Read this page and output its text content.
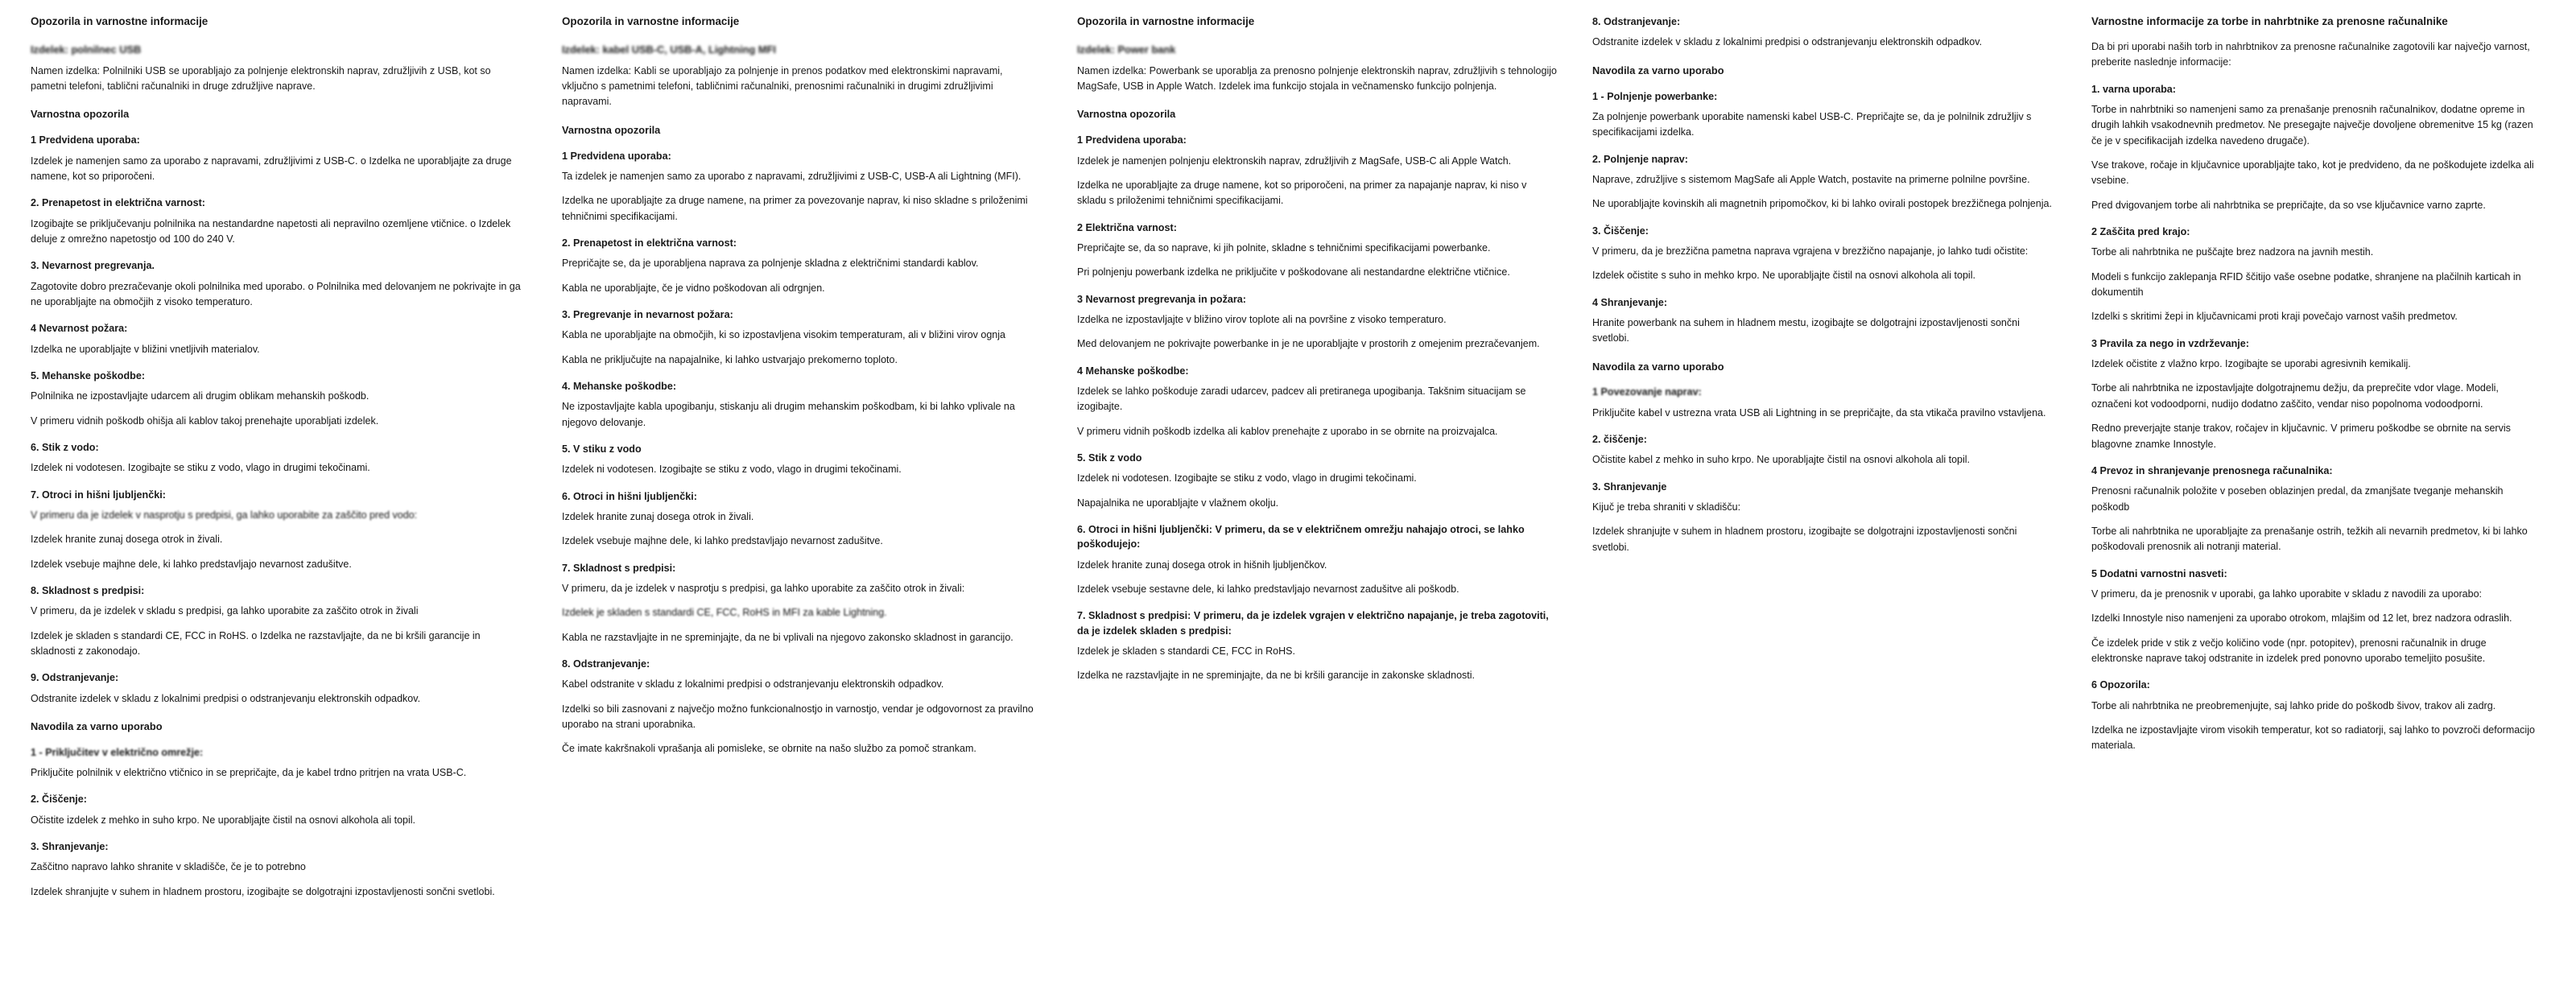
Opozorila in varnostne informacije
Izdelek: polnilnec USB

Namen izdelka: Polnilniki USB se uporabljajo za polnjenje elektronskih naprav, združljivih z USB, kot so pametni telefoni, tablični računalniki in druge združljive naprave.

Varnostna opozorila
1 Predvidena uporaba:

Izdelek je namenjen samo za uporabo z napravami, združljivimi z USB-C. o Izdelka ne uporabljajte za druge namene, kot so priporočeni.

2. Prenapetost in električna varnost:

Izogibajte se priključevanju polnilnika na nestandardne napetosti ali nepravilno ozemljene vtičnice. o Izdelek deluje z omrežno napetostjo od 100 do 240 V.

3. Nevarnost pregrevanja.

Zagotovite dobro prezračevanje okoli polnilnika med uporabo. o Polnilnika med delovanjem ne pokrivajte in ga ne uporabljajte na območjih z visoko temperaturo.

4 Nevarnost požara:

Izdelka ne uporabljajte v bližini vnetljivih materialov.

5. Mehanske poškodbe:

Polnilnika ne izpostavljajte udarcem ali drugim oblikam mehanskih poškodb.

V primeru vidnih poškodb ohišja ali kablov takoj prenehajte uporabljati izdelek.

6. Stik z vodo:

Izdelek ni vodotesen. Izogibajte se stiku z vodo, vlago in drugimi tekočinami.

7. Otroci in hišni ljubljenčki:

V primeru da je izdelek v nasprotju s predpisi, ga lahko uporabite za zaščito pred vodo:

Izdelek hranite zunaj dosega otrok in živali.

Izdelek vsebuje majhne dele, ki lahko predstavljajo nevarnost zadušitve.

8. Skladnost s predpisi:

V primeru, da je izdelek v skladu s predpisi, ga lahko uporabite za zaščito otrok in živali

Izdelek je skladen s standardi CE, FCC in RoHS. o Izdelka ne razstavljajte, da ne bi kršili garancije in skladnosti z zakonodajo.

9. Odstranjevanje:

Odstranite izdelek v skladu z lokalnimi predpisi o odstranjevanju elektronskih odpadkov.

Navodila za varno uporabo
1 - Priključitev v električno omrežje:

Priključite polnilnik v električno vtičnico in se prepričajte, da je kabel trdno pritrjen na vrata USB-C.

2. Čiščenje:

Očistite izdelek z mehko in suho krpo. Ne uporabljajte čistil na osnovi alkohola ali topil.

3. Shranjevanje:

Zaščitno napravo lahko shranite v skladišče, če je to potrebno

Izdelek shranjujte v suhem in hladnem prostoru, izogibajte se dolgotrajni izpostavljenosti sončni svetlobi.

Opozorila in varnostne informacije
Izdelek: kabel USB-C, USB-A, Lightning MFI

Namen izdelka: Kabli se uporabljajo za polnjenje in prenos podatkov med elektronskimi napravami, vključno s pametnimi telefoni, tabličnimi računalniki, prenosnimi računalniki in drugimi združljivimi napravami.

Varnostna opozorila
1 Predvidena uporaba:

Ta izdelek je namenjen samo za uporabo z napravami, združljivimi z USB-C, USB-A ali Lightning (MFI).

Izdelka ne uporabljajte za druge namene, na primer za povezovanje naprav, ki niso skladne s priloženimi tehničnimi specifikacijami.

2. Prenapetost in električna varnost:

Prepričajte se, da je uporabljena naprava za polnjenje skladna z električnimi standardi kablov.

Kabla ne uporabljajte, če je vidno poškodovan ali odrgnjen.

3. Pregrevanje in nevarnost požara:

Kabla ne uporabljajte na območjih, ki so izpostavljena visokim temperaturam, ali v bližini virov ognja

Kabla ne priključujte na napajalnike, ki lahko ustvarjajo prekomerno toploto.

4. Mehanske poškodbe:

Ne izpostavljajte kabla upogibanju, stiskanju ali drugim mehanskim poškodbam, ki bi lahko vplivale na njegovo delovanje.

5. V stiku z vodo

Izdelek ni vodotesen. Izogibajte se stiku z vodo, vlago in drugimi tekočinami.

6. Otroci in hišni ljubljenčki:

Izdelek hranite zunaj dosega otrok in živali.

Izdelek vsebuje majhne dele, ki lahko predstavljajo nevarnost zadušitve.

7. Skladnost s predpisi:

V primeru, da je izdelek v nasprotju s predpisi, ga lahko uporabite za zaščito otrok in živali:

Izdelek je skladen s standardi CE, FCC, RoHS in MFI za kable Lightning.

Kabla ne razstavljajte in ne spreminjajte, da ne bi vplivali na njegovo zakonsko skladnost in garancijo.

8. Odstranjevanje:

Kabel odstranite v skladu z lokalnimi predpisi o odstranjevanju elektronskih odpadkov.

Izdelki so bili zasnovani z največjo možno funkcionalnostjo in varnostjo, vendar je odgovornost za pravilno uporabo na strani uporabnika.

Če imate kakršnakoli vprašanja ali pomisleke, se obrnite na našo službo za pomoč strankam.

Opozorila in varnostne informacije
Izdelek: Power bank

Namen izdelka: Powerbank se uporablja za prenosno polnjenje elektronskih naprav, združljivih s tehnologijo MagSafe, USB in Apple Watch. Izdelek ima funkcijo stojala in večnamensko funkcijo polnjenja.

Varnostna opozorila
1 Predvidena uporaba:

Izdelek je namenjen polnjenju elektronskih naprav, združljivih z MagSafe, USB-C ali Apple Watch.

Izdelka ne uporabljajte za druge namene, kot so priporočeni, na primer za napajanje naprav, ki niso v skladu s priloženimi tehničnimi specifikacijami.

2 Električna varnost:

Prepričajte se, da so naprave, ki jih polnite, skladne s tehničnimi specifikacijami powerbanke.

Pri polnjenju powerbank izdelka ne priključite v poškodovane ali nestandardne električne vtičnice.

3 Nevarnost pregrevanja in požara:

Izdelka ne izpostavljajte v bližino virov toplote ali na površine z visoko temperaturo.

Med delovanjem ne pokrivajte powerbanke in je ne uporabljajte v prostorih z omejenim prezračevanjem.

4 Mehanske poškodbe:

Izdelek se lahko poškoduje zaradi udarcev, padcev ali pretiranega upogibanja. Takšnim situacijam se izogibajte.

V primeru vidnih poškodb izdelka ali kablov prenehajte z uporabo in se obrnite na proizvajalca.

5. Stik z vodo

Izdelek ni vodotesen. Izogibajte se stiku z vodo, vlago in drugimi tekočinami.

Napajalnika ne uporabljajte v vlažnem okolju.

6. Otroci in hišni ljubljenčki: V primeru, da se v električnem omrežju nahajajo otroci, se lahko poškodujejo:

Izdelek hranite zunaj dosega otrok in hišnih ljubljenčkov.

Izdelek vsebuje sestavne dele, ki lahko predstavljajo nevarnost zadušitve ali poškodb.

7. Skladnost s predpisi: V primeru, da je izdelek vgrajen v električno napajanje, je treba zagotoviti, da je izdelek skladen s predpisi:

Izdelek je skladen s standardi CE, FCC in RoHS.

Izdelka ne razstavljajte in ne spreminjajte, da ne bi kršili garancije in zakonske skladnosti.

8. Odstranjevanje:

Odstranite izdelek v skladu z lokalnimi predpisi o odstranjevanju elektronskih odpadkov.

Navodila za varno uporabo
1 - Polnjenje powerbanke:

Za polnjenje powerbank uporabite namenski kabel USB-C. Prepričajte se, da je polnilnik združljiv s specifikacijami izdelka.

2. Polnjenje naprav:

Naprave, združljive s sistemom MagSafe ali Apple Watch, postavite na primerne polnilne površine.

Ne uporabljajte kovinskih ali magnetnih pripomočkov, ki bi lahko ovirali postopek brezžičnega polnjenja.

3. Čiščenje:

V primeru, da je brezžična pametna naprava vgrajena v brezžično napajanje, jo lahko tudi očistite:

Izdelek očistite s suho in mehko krpo. Ne uporabljajte čistil na osnovi alkohola ali topil.

4 Shranjevanje:

Hranite powerbank na suhem in hladnem mestu, izogibajte se dolgotrajni izpostavljenosti sončni svetlobi.

Navodila za varno uporabo
1 Povezovanje naprav:

Priključite kabel v ustrezna vrata USB ali Lightning in se prepričajte, da sta vtikača pravilno vstavljena.

2. čiščenje:

Očistite kabel z mehko in suho krpo. Ne uporabljajte čistil na osnovi alkohola ali topil.

3. Shranjevanje

Kijuč je treba shraniti v skladišču:

Izdelek shranjujte v suhem in hladnem prostoru, izogibajte se dolgotrajni izpostavljenosti sončni svetlobi.

Varnostne informacije za torbe in nahrbtnike za prenosne računalnike

Da bi pri uporabi naših torb in nahrbtnikov za prenosne računalnike zagotovili kar največjo varnost, preberite naslednje informacije:

1. varna uporaba:

Torbe in nahrbtniki so namenjeni samo za prenašanje prenosnih računalnikov, dodatne opreme in drugih lahkih vsakodnevnih predmetov. Ne presegajte največje dovoljene obremenitve 15 kg (razen če je v specifikacijah izdelka navedeno drugače).

Vse trakove, ročaje in ključavnice uporabljajte tako, kot je predvideno, da ne poškodujete izdelka ali vsebine.

Pred dvigovanjem torbe ali nahrbtnika se prepričajte, da so vse ključavnice varno zaprte.

2 Zaščita pred krajo:

Torbe ali nahrbtnika ne puščajte brez nadzora na javnih mestih.

Modeli s funkcijo zaklepanja RFID ščitijo vaše osebne podatke, shranjene na plačilnih karticah in dokumentih

Izdelki s skritimi žepi in ključavnicami proti kraji povečajo varnost vaših predmetov.

3 Pravila za nego in vzdrževanje:

Izdelek očistite z vlažno krpo. Izogibajte se uporabi agresivnih kemikalij.

Torbe ali nahrbtnika ne izpostavljajte dolgotrajnemu dežju, da preprečite vdor vlage. Modeli, označeni kot vodoodporni, nudijo dodatno zaščito, vendar niso popolnoma vodoodporni.

Redno preverjajte stanje trakov, ročajev in ključavnic. V primeru poškodbe se obrnite na servis blagovne znamke Innostyle.

4 Prevoz in shranjevanje prenosnega računalnika:

Prenosni računalnik položite v poseben oblazinjen predal, da zmanjšate tveganje mehanskih poškodb

Torbe ali nahrbtnika ne uporabljajte za prenašanje ostrih, težkih ali nevarnih predmetov, ki bi lahko poškodovali prenosnik ali notranji material.

5 Dodatni varnostni nasveti:

V primeru, da je prenosnik v uporabi, ga lahko uporabite v skladu z navodili za uporabo:

Izdelki Innostyle niso namenjeni za uporabo otrokom, mlajšim od 12 let, brez nadzora odraslih.

Če izdelek pride v stik z večjo količino vode (npr. potopitev), prenosni računalnik in druge elektronske naprave takoj odstranite in izdelek pred ponovno uporabo temeljito posušite.

6 Opozorila:

Torbe ali nahrbtnika ne preobremenjujte, saj lahko pride do poškodb šivov, trakov ali zadrg.

Izdelka ne izpostavljajte virom visokih temperatur, kot so radiatorji, saj lahko to povzroči deformacijo materiala.
